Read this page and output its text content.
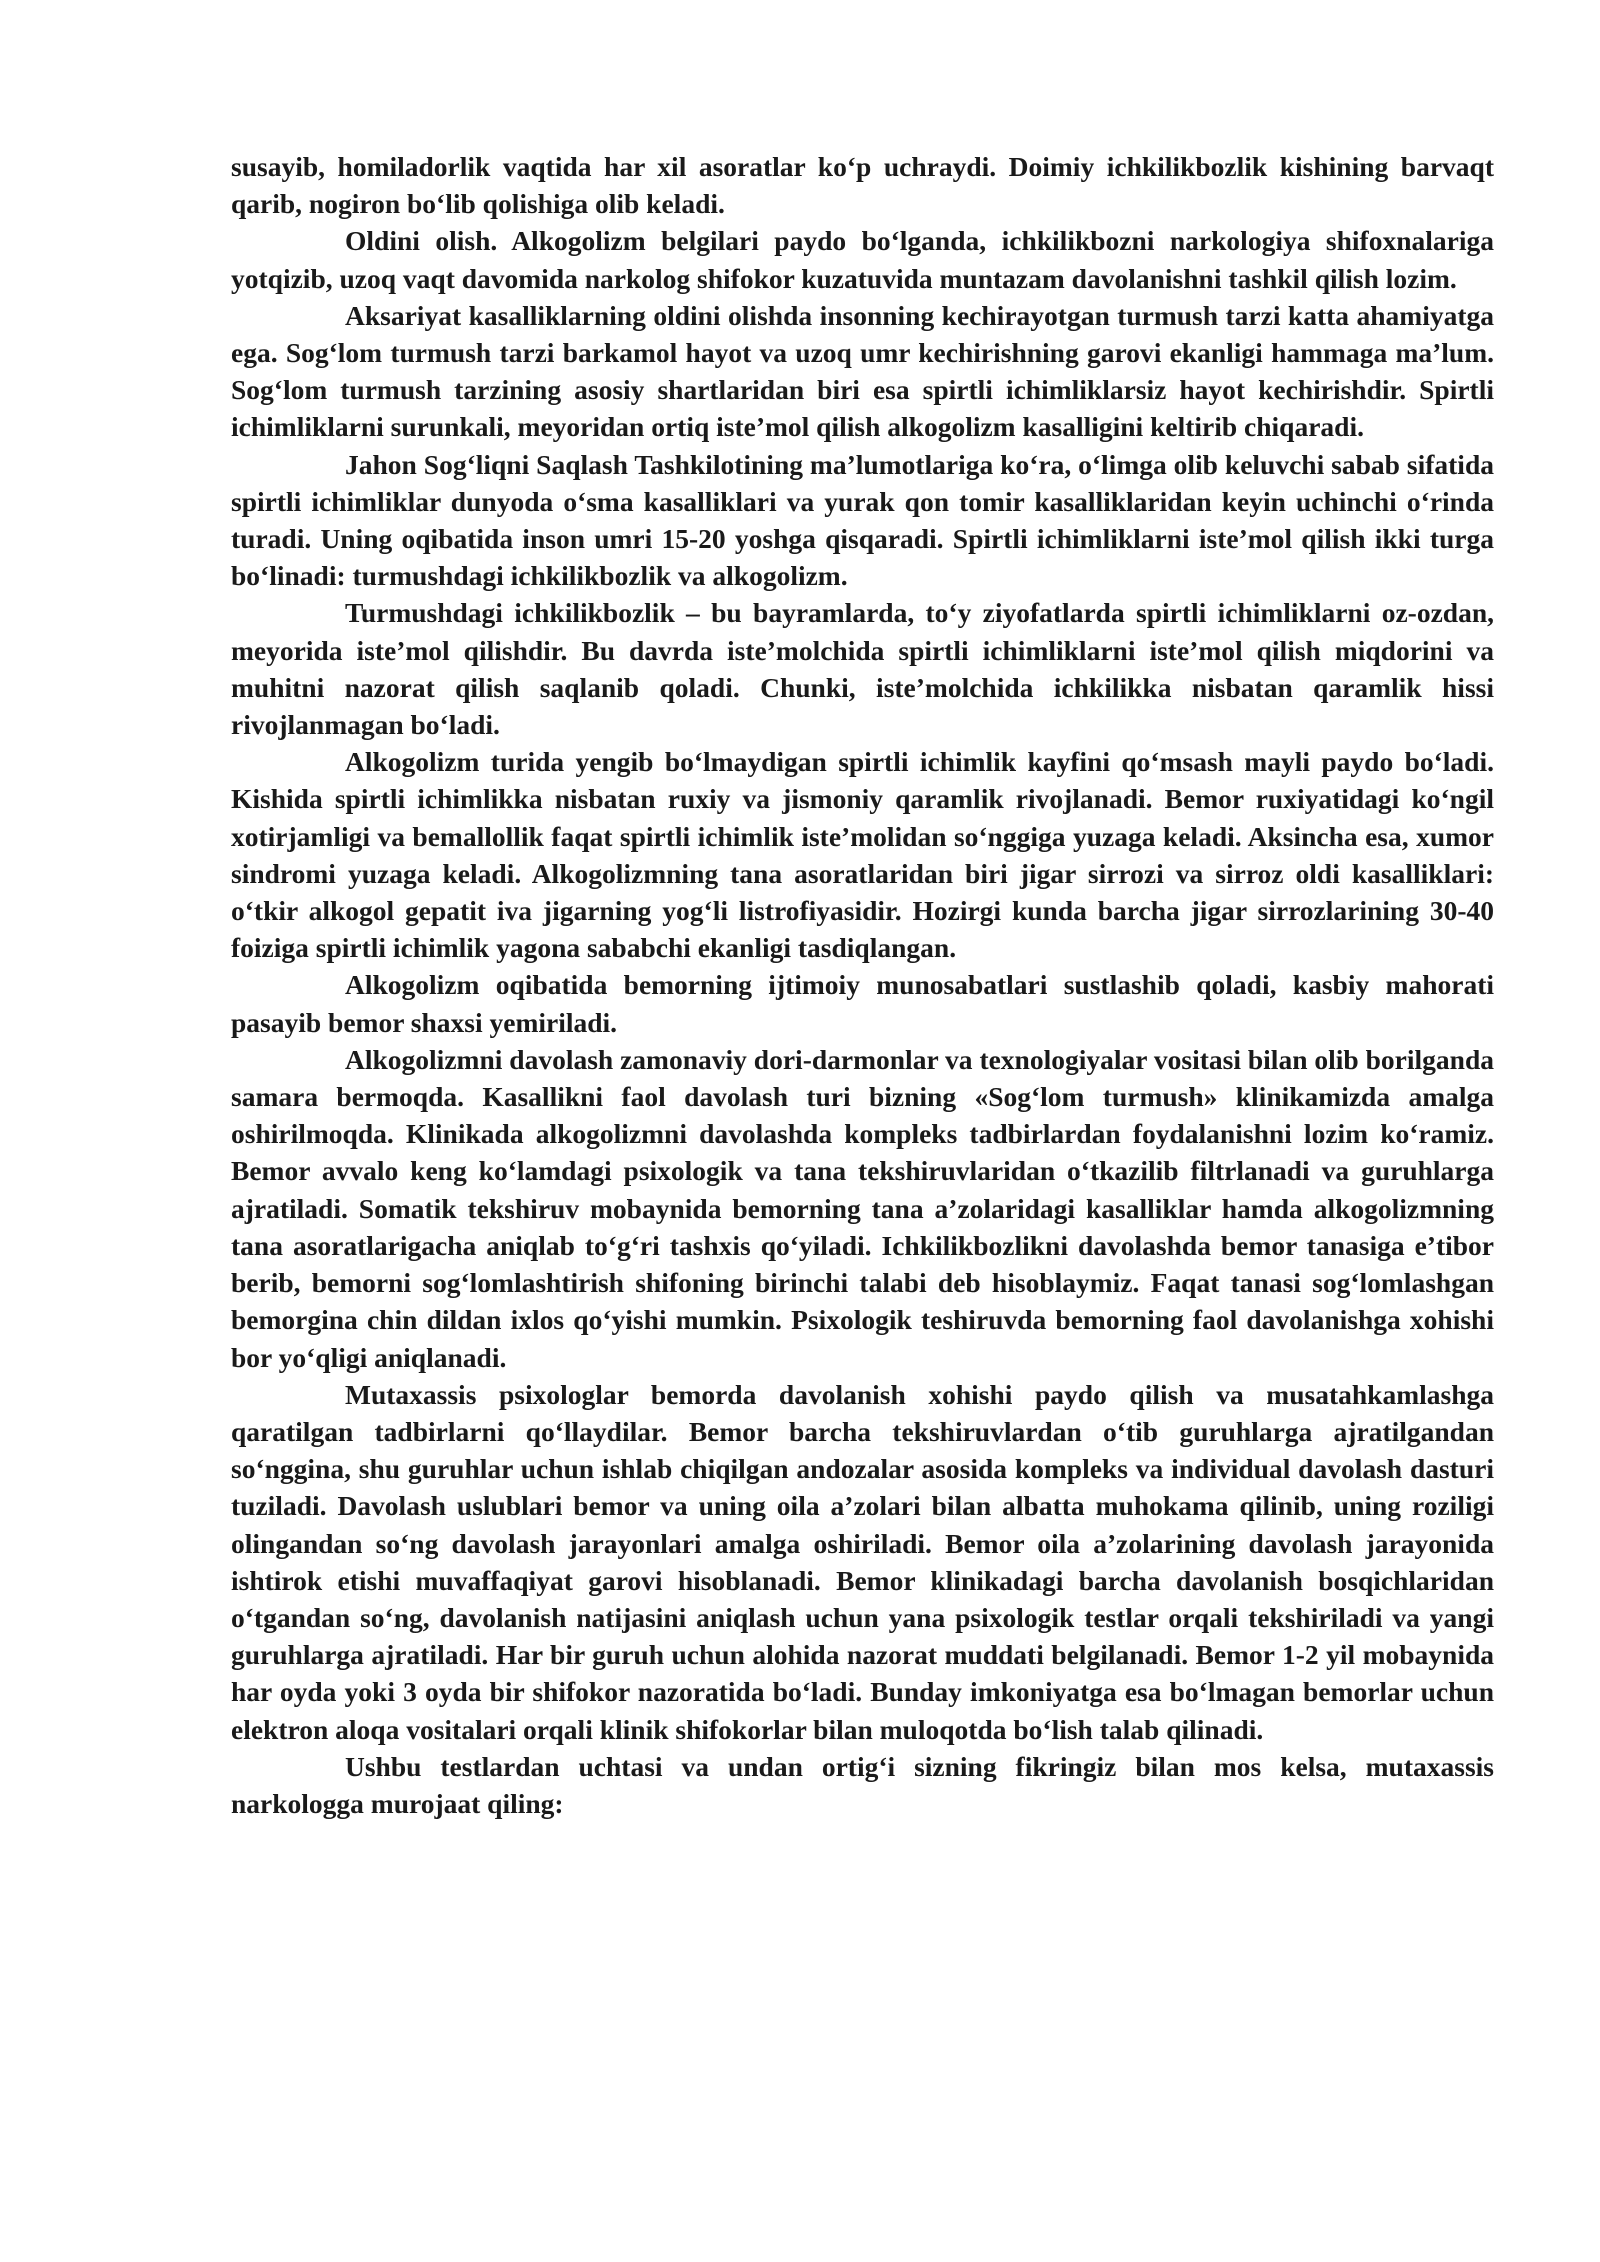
susayib, homiladorlik vaqtida har xil asoratlar ko‘p uchraydi. Doimiy ichkilikbozlik kishining barvaqt qarib, nogiron bo‘lib qolishiga olib keladi.

Oldini olish. Alkogolizm belgilari paydo bo‘lganda, ichkilikbozni narkologiya shifoxnalariga yotqizib, uzoq vaqt davomida narkolog shifokor kuzatuvida muntazam davolanishni tashkil qilish lozim.

Aksariyat kasalliklarning oldini olishda insonning kechirayotgan turmush tarzi katta ahamiyatga ega. Sog‘lom turmush tarzi barkamol hayot va uzoq umr kechirishning garovi ekanligi hammaga ma’lum. Sog‘lom turmush tarzining asosiy shartlaridan biri esa spirtli ichimliklarsiz hayot kechirishdir. Spirtli ichimliklarni surunkali, meyoridan ortiq iste’mol qilish alkogolizm kasalligini keltirib chiqaradi.

Jahon Sog‘liqni Saqlash Tashkilotining ma’lumotlariga ko‘ra, o‘limga olib keluvchi sabab sifatida spirtli ichimliklar dunyoda o‘sma kasalliklari va yurak qon tomir kasalliklaridan keyin uchinchi o‘rinda turadi. Uning oqibatida inson umri 15-20 yoshga qisqaradi. Spirtli ichimliklarni iste’mol qilish ikki turga bo‘linadi: turmushdagi ichkilikbozlik va alkogolizm.

Turmushdagi ichkilikbozlik – bu bayramlarda, to‘y ziyofatlarda spirtli ichimliklarni oz-ozdan, meyorida iste’mol qilishdir. Bu davrda iste’molchida spirtli ichimliklarni iste’mol qilish miqdorini va muhitni nazorat qilish saqlanib qoladi. Chunki, iste’molchida ichkilikka nisbatan qaramlik hissi rivojlanmagan bo‘ladi.

Alkogolizm turida yengib bo‘lmaydigan spirtli ichimlik kayfini qo‘msash mayli paydo bo‘ladi. Kishida spirtli ichimlikka nisbatan ruxiy va jismoniy qaramlik rivojlanadi. Bemor ruxiyatidagi ko‘ngil xotirjamligi va bemallollik faqat spirtli ichimlik iste’molidan so‘nggiga yuzaga keladi. Aksincha esa, xumor sindromi yuzaga keladi. Alkogolizmning tana asoratlaridan biri jigar sirrozi va sirroz oldi kasalliklari: o‘tkir alkogol gepatit iva jigarning yog‘li listrofiyasidir. Hozirgi kunda barcha jigar sirrozlarining 30-40 foiziga spirtli ichimlik yagona sababchi ekanligi tasdiqlangan.

Alkogolizm oqibatida bemorning ijtimoiy munosabatlari sustlashib qoladi, kasbiy mahorati pasayib bemor shaxsi yemiriladi.

Alkogolizmni davolash zamonaviy dori-darmonlar va texnologiyalar vositasi bilan olib borilganda samara bermoqda. Kasallikni faol davolash turi bizning «Sog‘lom turmush» klinikamizda amalga oshirilmoqda. Klinikada alkogolizmni davolashda kompleks tadbirlardan foydalanishni lozim ko‘ramiz. Bemor avvalo keng ko‘lamdagi psixologik va tana tekshiruvlaridan o‘tkazilib filtrlanadi va guruhlarga ajratiladi. Somatik tekshiruv mobaynida bemorning tana a’zolaridagi kasalliklar hamda alkogolizmning tana asoratlarigacha aniqlab to‘g‘ri tashxis qo‘yiladi. Ichkilikbozlikni davolashda bemor tanasiga e’tibor berib, bemorni sog‘lomlashtirish shifoning birinchi talabi deb hisoblaymiz. Faqat tanasi sog‘lomlashgan bemorgina chin dildan ixlos qo‘yishi mumkin. Psixologik teshiruvda bemorning faol davolanishga xohishi bor yo‘qligi aniqlanadi.

Mutaxassis psixologlar bemorda davolanish xohishi paydo qilish va musatahkamlashga qaratilgan tadbirlarni qo‘llaydilar. Bemor barcha tekshiruvlardan o‘tib guruhlarga ajratilgandan so‘nggina, shu guruhlar uchun ishlab chiqilgan andozalar asosida kompleks va individual davolash dasturi tuziladi. Davolash uslublari bemor va uning oila a’zolari bilan albatta muhokama qilinib, uning roziligi olingandan so‘ng davolash jarayonlari amalga oshiriladi. Bemor oila a’zolarining davolash jarayonida ishtirok etishi muvaffaqiyat garovi hisoblanadi. Bemor klinikadagi barcha davolanish bosqichlaridan o‘tgandan so‘ng, davolanish natijasini aniqlash uchun yana psixologik testlar orqali tekshiriladi va yangi guruhlarga ajratiladi. Har bir guruh uchun alohida nazorat muddati belgilanadi. Bemor 1-2 yil mobaynida har oyda yoki 3 oyda bir shifokor nazoratida bo‘ladi. Bunday imkoniyatga esa bo‘lmagan bemorlar uchun elektron aloqa vositalari orqali klinik shifokorlar bilan muloqotda bo‘lish talab qilinadi.

Ushbu testlardan uchtasi va undan ortig‘i sizning fikringiz bilan mos kelsa, mutaxassis narkologga murojaat qiling:
